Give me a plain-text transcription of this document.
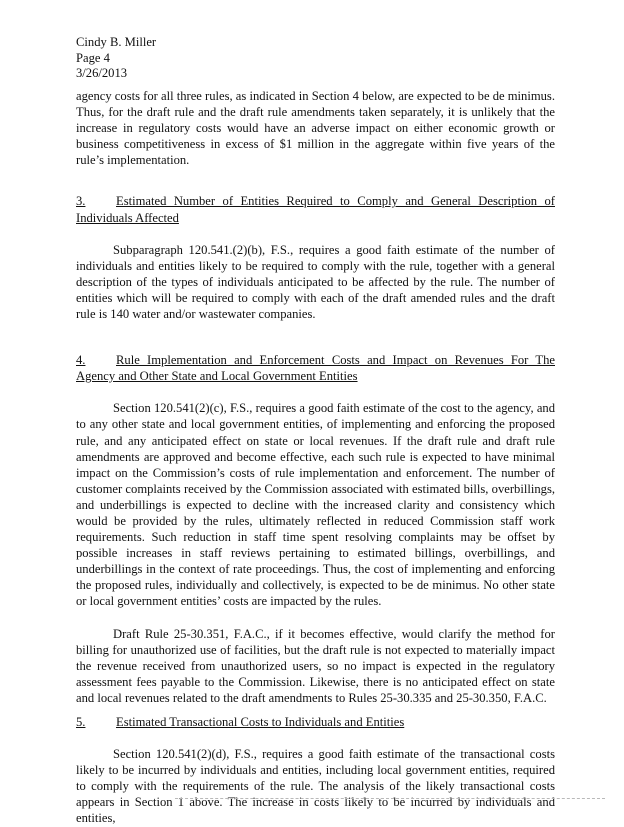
Cindy B. Miller
Page 4
3/26/2013

agency costs for all three rules, as indicated in Section 4 below, are expected to be de minimus. Thus, for the draft rule and the draft rule amendments taken separately, it is unlikely that the increase in regulatory costs would have an adverse impact on either economic growth or business competitiveness in excess of $1 million in the aggregate within five years of the rule’s implementation.

3. Estimated Number of Entities Required to Comply and General Description of Individuals Affected

Subparagraph 120.541.(2)(b), F.S., requires a good faith estimate of the number of individuals and entities likely to be required to comply with the rule, together with a general description of the types of individuals anticipated to be affected by the rule. The number of entities which will be required to comply with each of the draft amended rules and the draft rule is 140 water and/or wastewater companies.

4. Rule Implementation and Enforcement Costs and Impact on Revenues For The Agency and Other State and Local Government Entities

Section 120.541(2)(c), F.S., requires a good faith estimate of the cost to the agency, and to any other state and local government entities, of implementing and enforcing the proposed rule, and any anticipated effect on state or local revenues. If the draft rule and draft rule amendments are approved and become effective, each such rule is expected to have minimal impact on the Commission’s costs of rule implementation and enforcement. The number of customer complaints received by the Commission associated with estimated bills, overbillings, and underbillings is expected to decline with the increased clarity and consistency which would be provided by the rules, ultimately reflected in reduced Commission staff work requirements. Such reduction in staff time spent resolving complaints may be offset by possible increases in staff reviews pertaining to estimated billings, overbillings, and underbillings in the context of rate proceedings. Thus, the cost of implementing and enforcing the proposed rules, individually and collectively, is expected to be de minimus. No other state or local government entities’ costs are impacted by the rules.

Draft Rule 25-30.351, F.A.C., if it becomes effective, would clarify the method for billing for unauthorized use of facilities, but the draft rule is not expected to materially impact the revenue received from unauthorized users, so no impact is expected in the regulatory assessment fees payable to the Commission. Likewise, there is no anticipated effect on state and local revenues related to the draft amendments to Rules 25-30.335 and 25-30.350, F.A.C.

5. Estimated Transactional Costs to Individuals and Entities

Section 120.541(2)(d), F.S., requires a good faith estimate of the transactional costs likely to be incurred by individuals and entities, including local government entities, required to comply with the requirements of the rule. The analysis of the likely transactional costs appears in Section 1 above. The increase in costs likely to be incurred by individuals and entities,
